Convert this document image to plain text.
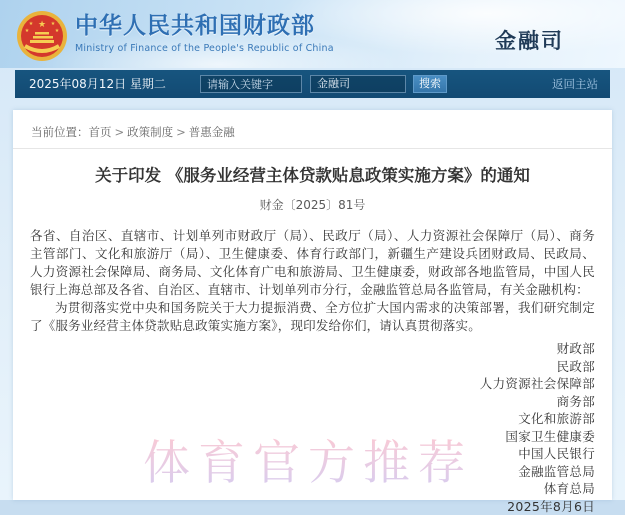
★
★	★
★	★ 中华人民共和国财政部
Ministry of Finance of the People's Republic of China	金融司
2025年08月12日 星期二
请输入关键字	金融司	搜索	返回主站
当前位置：首页 > 政策制度 > 普惠金融
关于印发 《服务业经营主体贷款贴息政策实施方案》的通知
财金〔2025〕81号

各省、自治区、直辖市、计划单列市财政厅（局）、民政厅（局）、人力资源社会保障厅（局）、商务主管部门、文化和旅游厅（局）、卫生健康委、体育行政部门，新疆生产建设兵团财政局、民政局、人力资源社会保障局、商务局、文化体育广电和旅游局、卫生健康委，财政部各地监管局，中国人民银行上海总部及各省、自治区、直辖市、计划单列市分行，金融监管总局各监管局，有关金融机构：

为贯彻落实党中央和国务院关于大力提振消费、全方位扩大国内需求的决策部署，我们研究制定了《服务业经营主体贷款贴息政策实施方案》，现印发给你们，请认真贯彻落实。

财政部
民政部
人力资源社会保障部
商务部
文化和旅游部
国家卫生健康委
中国人民银行
金融监管总局
体育总局
2025年8月6日
